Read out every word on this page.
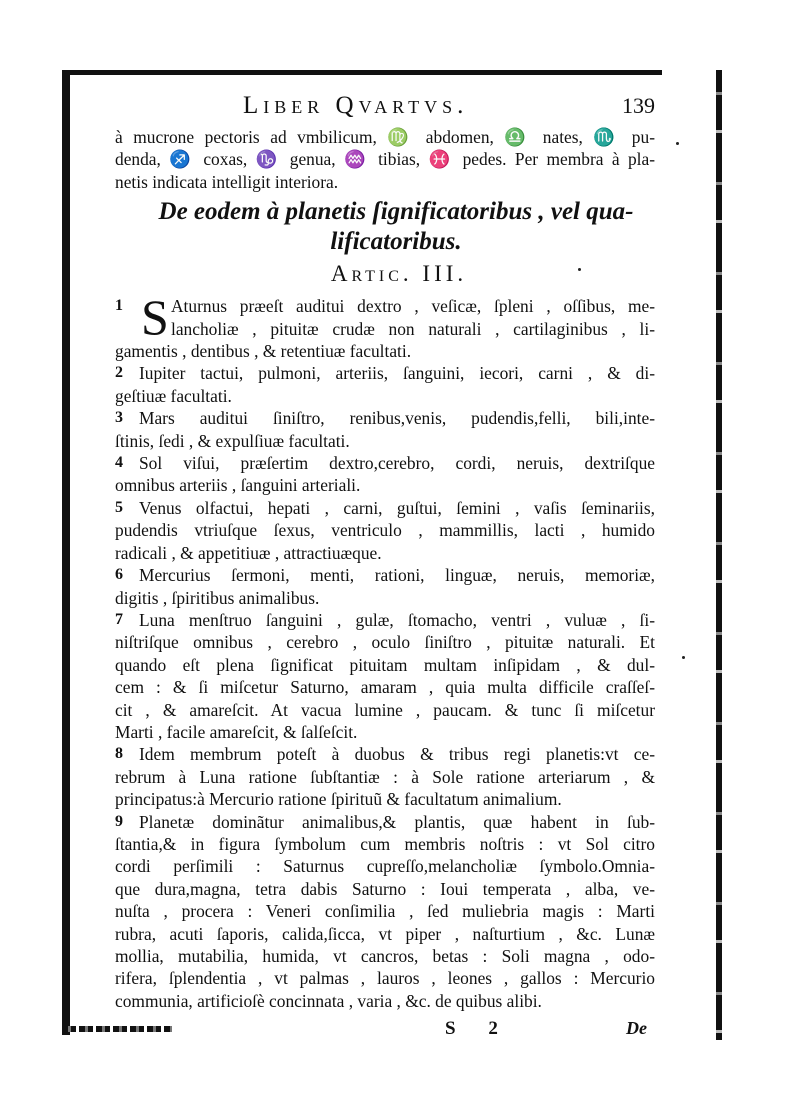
Liber Qvartvs.	139
à mucrone pectoris ad vmbilicum, ♍ abdomen, ♎ nates, ♏ pu-
denda, ♐ coxas, ♑ genua, ♒ tibias, ♓ pedes. Per membra à pla-
netis indicata intelligit interiora.
De eodem à planetis ſignificatoribus , vel qua-
lificatoribus.
Artic. III.
1 S Aturnus præeſt auditui dextro , veſicæ, ſpleni , oſſibus, me-
lancholiæ , pituitæ crudæ non naturali , cartilaginibus , li-
gamentis , dentibus , & retentiuæ facultati.
2 Iupiter tactui, pulmoni, arteriis, ſanguini, iecori, carni , & di-
geſtiuæ facultati.
3 Mars auditui ſiniſtro, renibus,venis, pudendis,felli, bili,inte-
ſtinis, ſedi , & expulſiuæ facultati.
4 Sol viſui, præſertim dextro,cerebro, cordi, neruis, dextriſque
omnibus arteriis , ſanguini arteriali.
5 Venus olfactui, hepati , carni, guſtui, ſemini , vaſis ſeminariis,
pudendis vtriuſque ſexus, ventriculo , mammillis, lacti , humido
radicali , & appetitiuæ , attractiuæque.
6 Mercurius ſermoni, menti, rationi, linguæ, neruis, memoriæ,
digitis , ſpiritibus animalibus.
7 Luna menſtruo ſanguini , gulæ, ſtomacho, ventri , vuluæ , ſi-
niſtriſque omnibus , cerebro , oculo ſiniſtro , pituitæ naturali. Et
quando eſt plena ſignificat pituitam multam inſipidam , & dul-
cem : & ſi miſcetur Saturno, amaram , quia multa difficile craſſeſ-
cit , & amareſcit. At vacua lumine , paucam. & tunc ſi miſcetur
Marti , facile amareſcit, & ſalſeſcit.
8 Idem membrum poteſt à duobus & tribus regi planetis:vt ce-
rebrum à Luna ratione ſubſtantiæ : à Sole ratione arteriarum , &
principatus:à Mercurio ratione ſpirituũ & facultatum animalium.
9 Planetæ dominãtur animalibus,& plantis, quæ habent in ſub-
ſtantia,& in figura ſymbolum cum membris noſtris : vt Sol citro
cordi perſimili : Saturnus cupreſſo,melancholiæ ſymbolo.Omnia-
que dura,magna, tetra dabis Saturno : Ioui temperata , alba, ve-
nuſta , procera : Veneri conſimilia , ſed muliebria magis : Marti
rubra, acuti ſaporis, calida,ſicca, vt piper , naſturtium , &c. Lunæ
mollia, mutabilia, humida, vt cancros, betas : Soli magna , odo-
rifera, ſplendentia , vt palmas , lauros , leones , gallos : Mercurio
communia, artificioſè concinnata , varia , &c. de quibus alibi.
S 2	De
